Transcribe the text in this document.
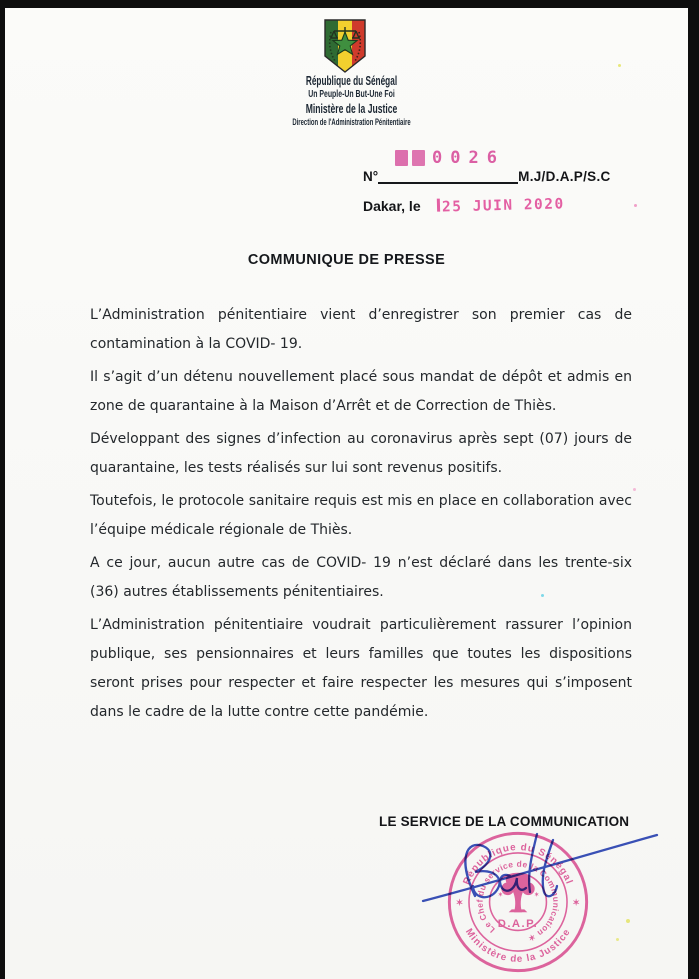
République du Sénégal
Un Peuple-Un But-Une Foi
Ministère de la Justice
Direction de l'Administration Pénitentiaire
0026
N°	M.J/D.A.P/S.C
Dakar, le 25 JUIN 2020
COMMUNIQUE DE PRESSE

L’Administration pénitentiaire vient d’enregistrer son premier cas de contamination à la COVID- 19.

Il s’agit d’un détenu nouvellement placé sous mandat de dépôt et admis en zone de quarantaine à la Maison d’Arrêt et de Correction de Thiès.

Développant des signes d’infection au coronavirus après sept (07) jours de quarantaine, les tests réalisés sur lui sont revenus positifs.

Toutefois, le protocole sanitaire requis est mis en place en collaboration avec l’équipe médicale régionale de Thiès.

A ce jour, aucun autre cas de COVID- 19 n’est déclaré dans les trente-six (36) autres établissements pénitentiaires.

L’Administration pénitentiaire voudrait particulièrement rassurer l’opinion publique, ses pensionnaires et leurs familles que toutes les dispositions seront prises pour respecter et faire respecter les mesures qui s’imposent dans le cadre de la lutte contre cette pandémie.

LE SERVICE DE LA COMMUNICATION
République du Sénégal
Ministère de la Justice
Le Chef du service de la Communication ✶
✶	✶
✶	✶
D.A.P.
